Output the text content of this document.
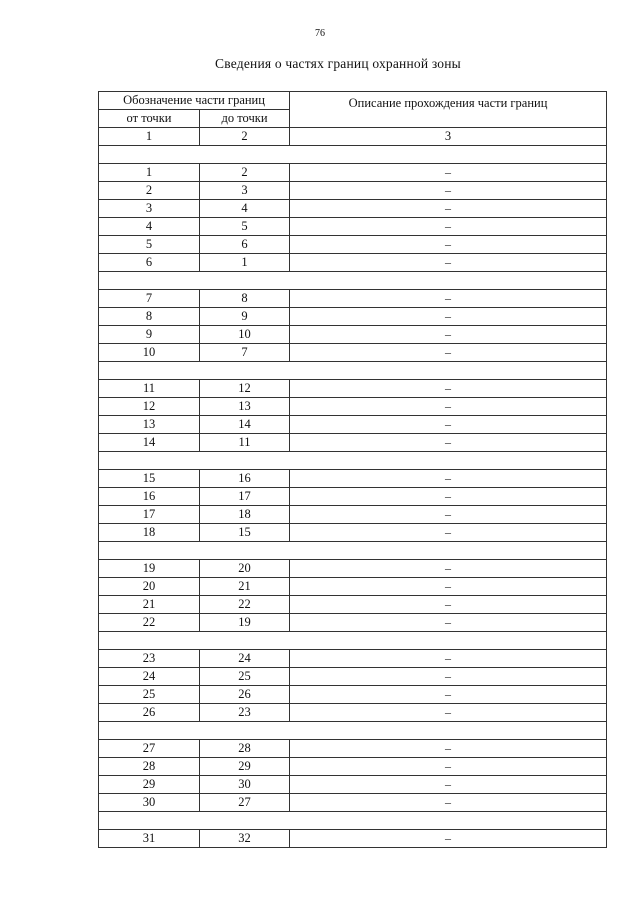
76
Сведения о частях границ охранной зоны
Обозначение части границ		Описание прохождения части границ
от точки	до точки	
1	2	3

1	2	–
2	3	–
3	4	–
4	5	–
5	6	–
6	1	–

7	8	–
8	9	–
9	10	–
10	7	–

11	12	–
12	13	–
13	14	–
14	11	–

15	16	–
16	17	–
17	18	–
18	15	–

19	20	–
20	21	–
21	22	–
22	19	–

23	24	–
24	25	–
25	26	–
26	23	–

27	28	–
28	29	–
29	30	–
30	27	–

31	32	–
